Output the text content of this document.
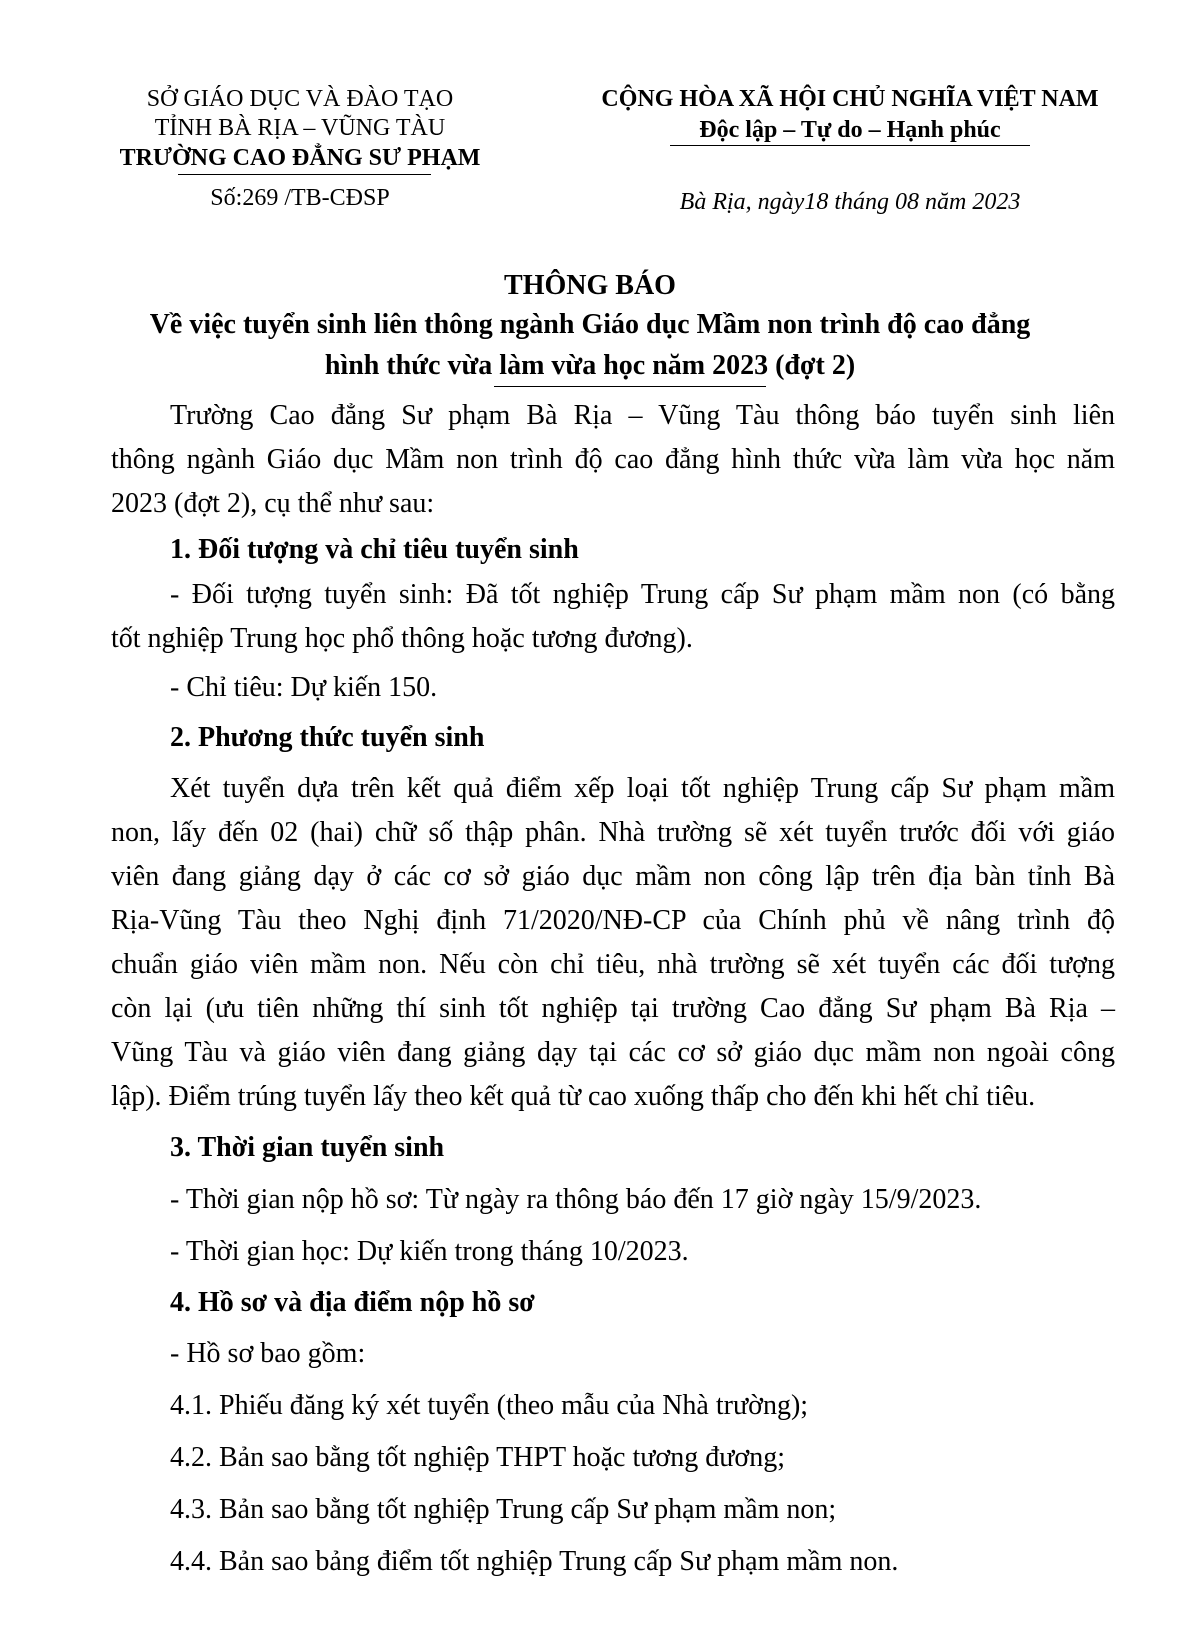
SỞ GIÁO DỤC VÀ ĐÀO TẠO
TỈNH BÀ RỊA – VŨNG TÀU
TRƯỜNG CAO ĐẲNG SƯ PHẠM
Số:269 /TB-CĐSP
CỘNG HÒA XÃ HỘI CHỦ NGHĨA VIỆT NAM
Độc lập – Tự do – Hạnh phúc
Bà Rịa, ngày18 tháng 08 năm 2023
THÔNG BÁO
Về việc tuyển sinh liên thông ngành Giáo dục Mầm non trình độ cao đẳng
hình thức vừa làm vừa học năm 2023 (đợt 2)
Trường Cao đẳng Sư phạm Bà Rịa – Vũng Tàu thông báo tuyển sinh liên
thông ngành Giáo dục Mầm non trình độ cao đẳng hình thức vừa làm vừa học năm
2023 (đợt 2), cụ thể như sau:
1. Đối tượng và chỉ tiêu tuyển sinh
- Đối tượng tuyển sinh: Đã tốt nghiệp Trung cấp Sư phạm mầm non (có bằng
tốt nghiệp Trung học phổ thông hoặc tương đương).
- Chỉ tiêu: Dự kiến 150.
2. Phương thức tuyển sinh
Xét tuyển dựa trên kết quả điểm xếp loại tốt nghiệp Trung cấp Sư phạm mầm
non, lấy đến 02 (hai) chữ số thập phân. Nhà trường sẽ xét tuyển trước đối với giáo
viên đang giảng dạy ở các cơ sở giáo dục mầm non công lập trên địa bàn tỉnh Bà
Rịa-Vũng Tàu theo Nghị định 71/2020/NĐ-CP của Chính phủ về nâng trình độ
chuẩn giáo viên mầm non. Nếu còn chỉ tiêu, nhà trường sẽ xét tuyển các đối tượng
còn lại (ưu tiên những thí sinh tốt nghiệp tại trường Cao đẳng Sư phạm Bà Rịa –
Vũng Tàu và giáo viên đang giảng dạy tại các cơ sở giáo dục mầm non ngoài công
lập). Điểm trúng tuyển lấy theo kết quả từ cao xuống thấp cho đến khi hết chỉ tiêu.
3. Thời gian tuyển sinh
- Thời gian nộp hồ sơ: Từ ngày ra thông báo đến 17 giờ ngày 15/9/2023.
- Thời gian học: Dự kiến trong tháng 10/2023.
4. Hồ sơ và địa điểm nộp hồ sơ
- Hồ sơ bao gồm:
4.1. Phiếu đăng ký xét tuyển (theo mẫu của Nhà trường);
4.2. Bản sao bằng tốt nghiệp THPT hoặc tương đương;
4.3. Bản sao bằng tốt nghiệp Trung cấp Sư phạm mầm non;
4.4. Bản sao bảng điểm tốt nghiệp Trung cấp Sư phạm mầm non.
